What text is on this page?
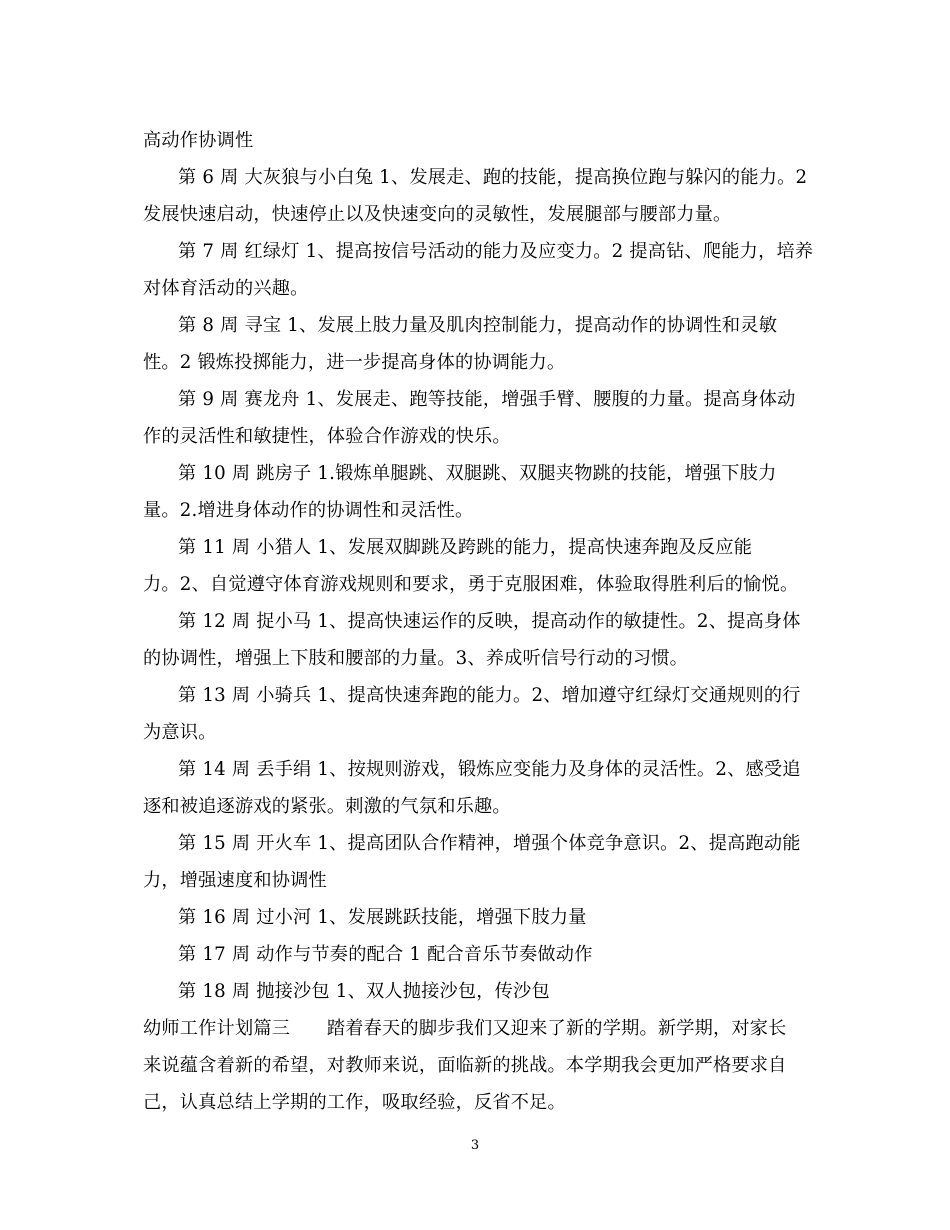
高动作协调性
第 6 周 大灰狼与小白兔 1、发展走、跑的技能，提高换位跑与躲闪的能力。2
发展快速启动，快速停止以及快速变向的灵敏性，发展腿部与腰部力量。
第 7 周 红绿灯 1、提高按信号活动的能力及应变力。2 提高钻、爬能力，培养
对体育活动的兴趣。
第 8 周 寻宝 1、发展上肢力量及肌肉控制能力，提高动作的协调性和灵敏
性。2 锻炼投掷能力，进一步提高身体的协调能力。
第 9 周 赛龙舟 1、发展走、跑等技能，增强手臂、腰腹的力量。提高身体动
作的灵活性和敏捷性，体验合作游戏的快乐。
第 10 周 跳房子 1.锻炼单腿跳、双腿跳、双腿夹物跳的技能，增强下肢力
量。2.增进身体动作的协调性和灵活性。
第 11 周 小猎人 1、发展双脚跳及跨跳的能力，提高快速奔跑及反应能
力。2、自觉遵守体育游戏规则和要求，勇于克服困难，体验取得胜利后的愉悦。
第 12 周 捉小马 1、提高快速运作的反映，提高动作的敏捷性。2、提高身体
的协调性，增强上下肢和腰部的力量。3、养成听信号行动的习惯。
第 13 周 小骑兵 1、提高快速奔跑的能力。2、增加遵守红绿灯交通规则的行
为意识。
第 14 周 丢手绢 1、按规则游戏，锻炼应变能力及身体的灵活性。2、感受追
逐和被追逐游戏的紧张。刺激的气氛和乐趣。
第 15 周 开火车 1、提高团队合作精神，增强个体竞争意识。2、提高跑动能
力，增强速度和协调性
第 16 周 过小河 1、发展跳跃技能，增强下肢力量
第 17 周 动作与节奏的配合 1 配合音乐节奏做动作
第 18 周 抛接沙包 1、双人抛接沙包，传沙包
幼师工作计划篇三　　踏着春天的脚步我们又迎来了新的学期。新学期，对家长
来说蕴含着新的希望，对教师来说，面临新的挑战。本学期我会更加严格要求自
己，认真总结上学期的工作，吸取经验，反省不足。
3
